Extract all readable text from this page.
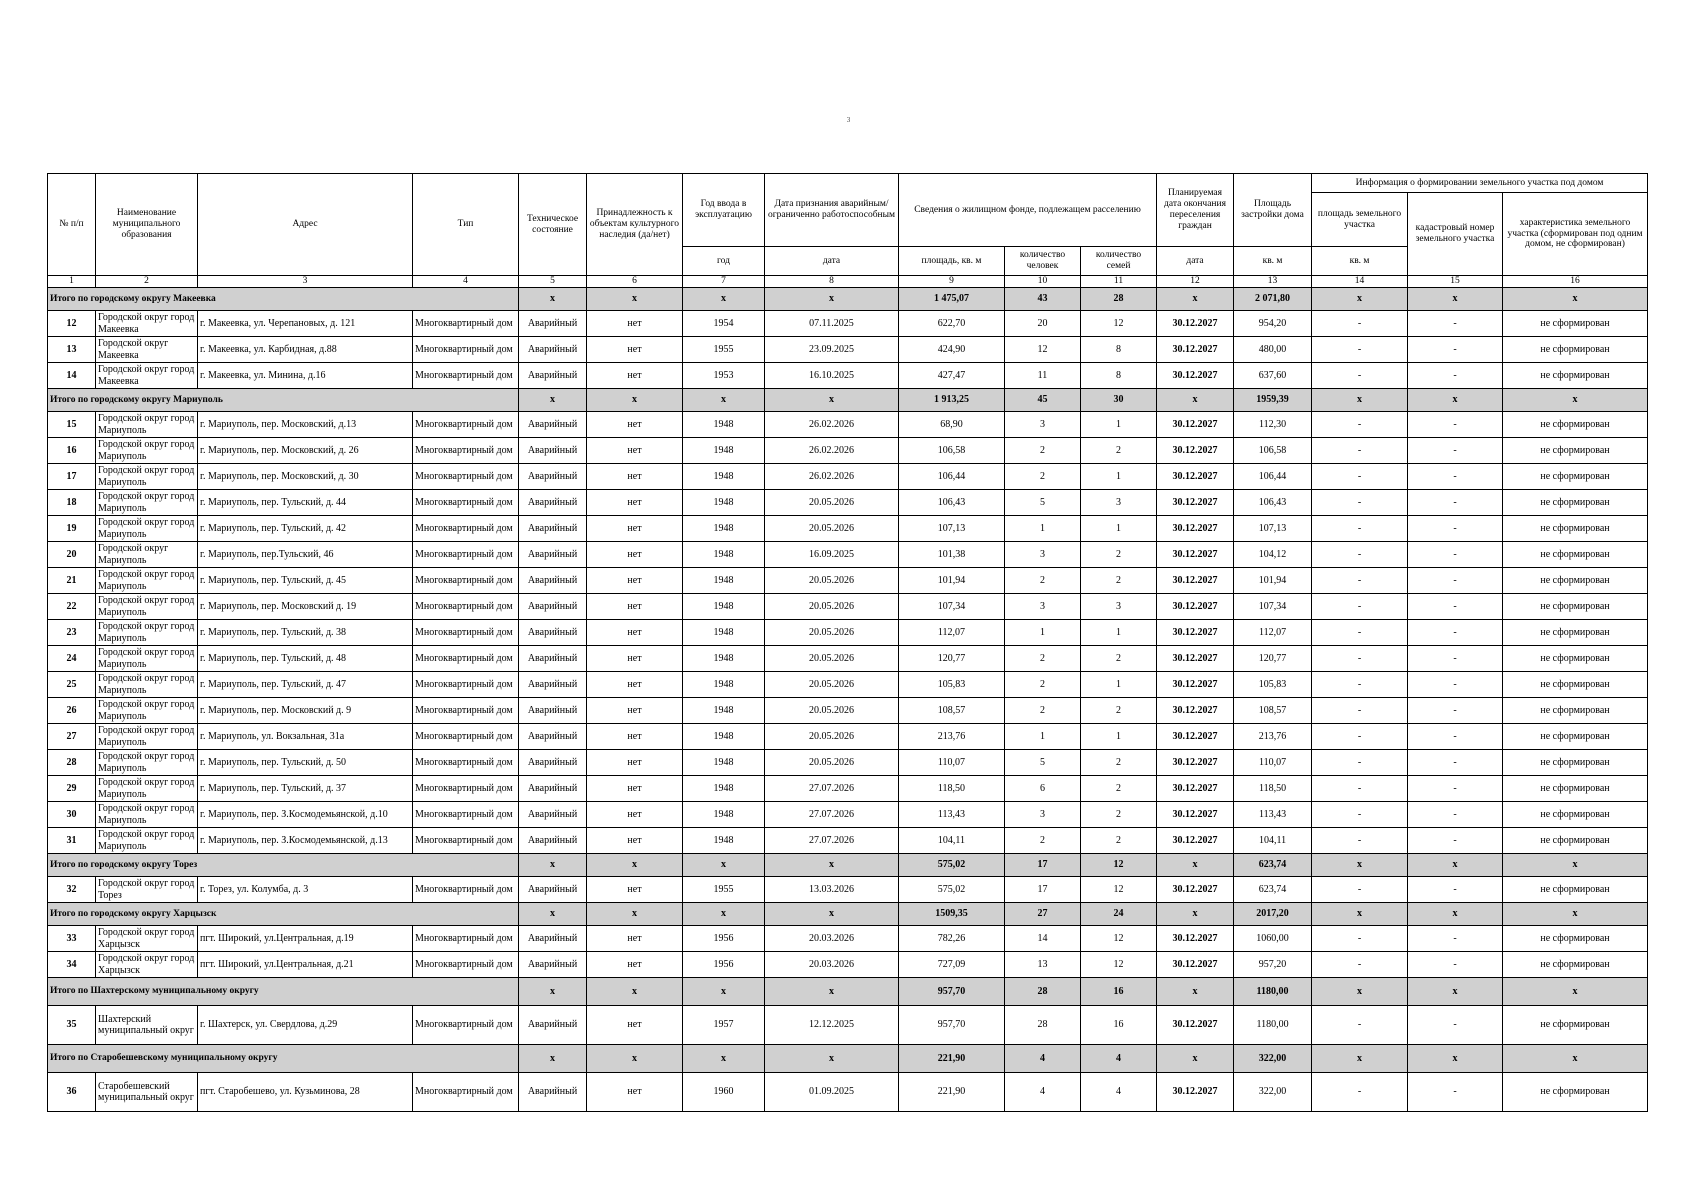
3
№ п/п	Наименование муниципального образования	Адрес	Тип	Техническое состояние	Принадлежность к объектам культурного наследия (да/нет)	Год ввода в эксплуатацию	Дата признания аварийным/ограниченно работоспособным	Сведения о жилищном фонде, подлежащем расселению			Планируемая дата окончания переселения граждан	Площадь застройки дома	Информация о формировании земельного участка под домом		
													площадь земельного участка	кадастровый номер земельного участка	характеристика земельного участка (сформирован под одним домом, не сформирован)
						год	дата	площадь, кв. м	количество человек	количество семей	дата	кв. м	кв. м		
1	2	3	4	5	6	7	8	9	10	11	12	13	14	15	16
Итого по городскому округу Макеевка				х	х	х	х	1 475,07	43	28	х	2 071,80	х	х	х
12	Городской округ город Макеевка	г. Макеевка, ул. Черепановых, д. 121	Многоквартирный дом	Аварийный	нет	1954	07.11.2025	622,70	20	12	30.12.2027	954,20	-	-	не сформирован
13	Городской округ Макеевка	г. Макеевка, ул. Карбидная, д.88	Многоквартирный дом	Аварийный	нет	1955	23.09.2025	424,90	12	8	30.12.2027	480,00	-	-	не сформирован
14	Городской округ город Макеевка	г. Макеевка, ул. Минина, д.16	Многоквартирный дом	Аварийный	нет	1953	16.10.2025	427,47	11	8	30.12.2027	637,60	-	-	не сформирован
Итого по городскому округу Мариуполь				х	х	х	х	1 913,25	45	30	х	1959,39	х	х	х
15	Городской округ город Мариуполь	г. Мариуполь, пер. Московский, д.13	Многоквартирный дом	Аварийный	нет	1948	26.02.2026	68,90	3	1	30.12.2027	112,30	-	-	не сформирован
16	Городской округ город Мариуполь	г. Мариуполь, пер. Московский, д. 26	Многоквартирный дом	Аварийный	нет	1948	26.02.2026	106,58	2	2	30.12.2027	106,58	-	-	не сформирован
17	Городской округ город Мариуполь	г. Мариуполь, пер. Московский, д. 30	Многоквартирный дом	Аварийный	нет	1948	26.02.2026	106,44	2	1	30.12.2027	106,44	-	-	не сформирован
18	Городской округ город Мариуполь	г. Мариуполь, пер. Тульский, д. 44	Многоквартирный дом	Аварийный	нет	1948	20.05.2026	106,43	5	3	30.12.2027	106,43	-	-	не сформирован
19	Городской округ город Мариуполь	г. Мариуполь, пер. Тульский, д. 42	Многоквартирный дом	Аварийный	нет	1948	20.05.2026	107,13	1	1	30.12.2027	107,13	-	-	не сформирован
20	Городской округ Мариуполь	г. Мариуполь, пер.Тульский, 46	Многоквартирный дом	Аварийный	нет	1948	16.09.2025	101,38	3	2	30.12.2027	104,12	-	-	не сформирован
21	Городской округ город Мариуполь	г. Мариуполь, пер. Тульский, д. 45	Многоквартирный дом	Аварийный	нет	1948	20.05.2026	101,94	2	2	30.12.2027	101,94	-	-	не сформирован
22	Городской округ город Мариуполь	г. Мариуполь, пер. Московский д. 19	Многоквартирный дом	Аварийный	нет	1948	20.05.2026	107,34	3	3	30.12.2027	107,34	-	-	не сформирован
23	Городской округ город Мариуполь	г. Мариуполь, пер. Тульский, д. 38	Многоквартирный дом	Аварийный	нет	1948	20.05.2026	112,07	1	1	30.12.2027	112,07	-	-	не сформирован
24	Городской округ город Мариуполь	г. Мариуполь, пер. Тульский, д. 48	Многоквартирный дом	Аварийный	нет	1948	20.05.2026	120,77	2	2	30.12.2027	120,77	-	-	не сформирован
25	Городской округ город Мариуполь	г. Мариуполь, пер. Тульский, д. 47	Многоквартирный дом	Аварийный	нет	1948	20.05.2026	105,83	2	1	30.12.2027	105,83	-	-	не сформирован
26	Городской округ город Мариуполь	г. Мариуполь, пер. Московский д. 9	Многоквартирный дом	Аварийный	нет	1948	20.05.2026	108,57	2	2	30.12.2027	108,57	-	-	не сформирован
27	Городской округ город Мариуполь	г. Мариуполь, ул. Вокзальная, 31а	Многоквартирный дом	Аварийный	нет	1948	20.05.2026	213,76	1	1	30.12.2027	213,76	-	-	не сформирован
28	Городской округ город Мариуполь	г. Мариуполь, пер. Тульский, д. 50	Многоквартирный дом	Аварийный	нет	1948	20.05.2026	110,07	5	2	30.12.2027	110,07	-	-	не сформирован
29	Городской округ город Мариуполь	г. Мариуполь, пер. Тульский, д. 37	Многоквартирный дом	Аварийный	нет	1948	27.07.2026	118,50	6	2	30.12.2027	118,50	-	-	не сформирован
30	Городской округ город Мариуполь	г. Мариуполь, пер. З.Космодемьянской, д.10	Многоквартирный дом	Аварийный	нет	1948	27.07.2026	113,43	3	2	30.12.2027	113,43	-	-	не сформирован
31	Городской округ город Мариуполь	г. Мариуполь, пер. З.Космодемьянской, д.13	Многоквартирный дом	Аварийный	нет	1948	27.07.2026	104,11	2	2	30.12.2027	104,11	-	-	не сформирован
Итого по городскому округу Торез				х	х	х	х	575,02	17	12	х	623,74	х	х	х
32	Городской округ город Торез	г. Торез, ул. Колумба, д. 3	Многоквартирный дом	Аварийный	нет	1955	13.03.2026	575,02	17	12	30.12.2027	623,74	-	-	не сформирован
Итого по городскому округу Харцызск				х	х	х	х	1509,35	27	24	х	2017,20	х	х	х
33	Городской округ город Харцызск	пгт. Широкий, ул.Центральная, д.19	Многоквартирный дом	Аварийный	нет	1956	20.03.2026	782,26	14	12	30.12.2027	1060,00	-	-	не сформирован
34	Городской округ город Харцызск	пгт. Широкий, ул.Центральная, д.21	Многоквартирный дом	Аварийный	нет	1956	20.03.2026	727,09	13	12	30.12.2027	957,20	-	-	не сформирован
Итого по Шахтерскому муниципальному округу				х	х	х	х	957,70	28	16	х	1180,00	х	х	х
35	Шахтерский муниципальный округ	г. Шахтерск, ул. Свердлова, д.29	Многоквартирный дом	Аварийный	нет	1957	12.12.2025	957,70	28	16	30.12.2027	1180,00	-	-	не сформирован
Итого по Старобешевскому муниципальному округу				х	х	х	х	221,90	4	4	х	322,00	х	х	х
36	Старобешевский муниципальный округ	пгт. Старобешево, ул. Кузьминова, 28	Многоквартирный дом	Аварийный	нет	1960	01.09.2025	221,90	4	4	30.12.2027	322,00	-	-	не сформирован
